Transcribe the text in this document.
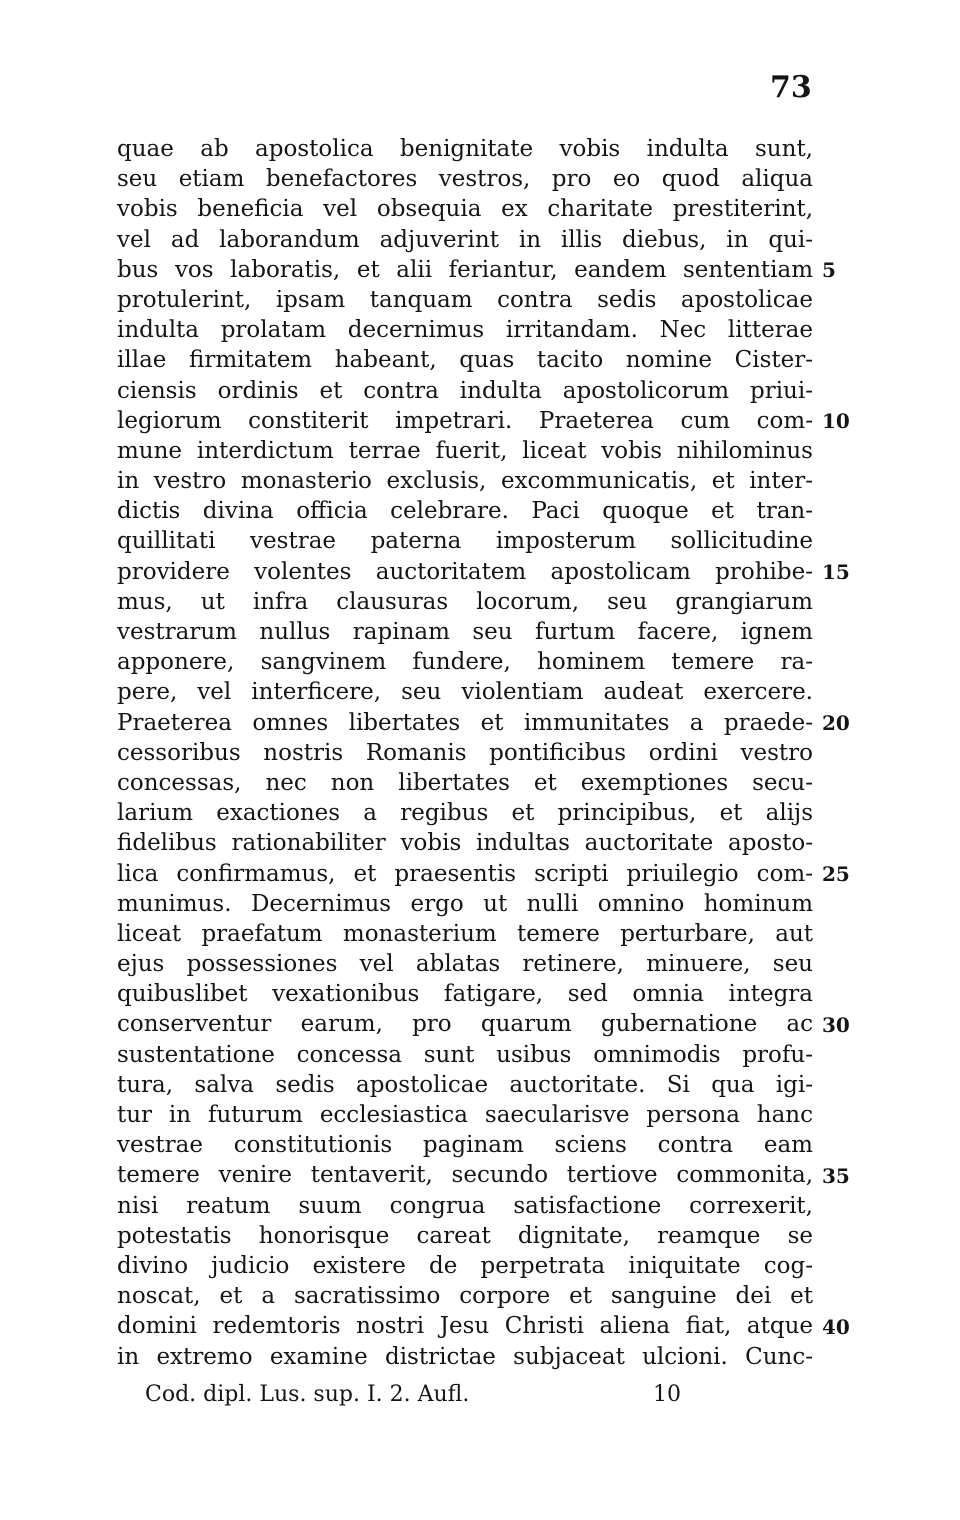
73
quae ab apostolica benignitate vobis indulta sunt,
seu etiam benefactores vestros, pro eo quod aliqua
vobis beneficia vel obsequia ex charitate prestiterint,
vel ad laborandum adjuverint in illis diebus, in qui-
bus vos laboratis, et alii feriantur, eandem sententiam
protulerint, ipsam tanquam contra sedis apostolicae
indulta prolatam decernimus irritandam. Nec litterae
illae firmitatem habeant, quas tacito nomine Cister-
ciensis ordinis et contra indulta apostolicorum priui-
legiorum constiterit impetrari. Praeterea cum com-
mune interdictum terrae fuerit, liceat vobis nihilominus
in vestro monasterio exclusis, excommunicatis, et inter-
dictis divina officia celebrare. Paci quoque et tran-
quillitati vestrae paterna imposterum sollicitudine
providere volentes auctoritatem apostolicam prohibe-
mus, ut infra clausuras locorum, seu grangiarum
vestrarum nullus rapinam seu furtum facere, ignem
apponere, sangvinem fundere, hominem temere ra-
pere, vel interficere, seu violentiam audeat exercere.
Praeterea omnes libertates et immunitates a praede-
cessoribus nostris Romanis pontificibus ordini vestro
concessas, nec non libertates et exemptiones secu-
larium exactiones a regibus et principibus, et alijs
fidelibus rationabiliter vobis indultas auctoritate aposto-
lica confirmamus, et praesentis scripti priuilegio com-
munimus. Decernimus ergo ut nulli omnino hominum
liceat praefatum monasterium temere perturbare, aut
ejus possessiones vel ablatas retinere, minuere, seu
quibuslibet vexationibus fatigare, sed omnia integra
conserventur earum, pro quarum gubernatione ac
sustentatione concessa sunt usibus omnimodis profu-
tura, salva sedis apostolicae auctoritate. Si qua igi-
tur in futurum ecclesiastica saecularisve persona hanc
vestrae constitutionis paginam sciens contra eam
temere venire tentaverit, secundo tertiove commonita,
nisi reatum suum congrua satisfactione correxerit,
potestatis honorisque careat dignitate, reamque se
divino judicio existere de perpetrata iniquitate cog-
noscat, et a sacratissimo corpore et sanguine dei et
domini redemtoris nostri Jesu Christi aliena fiat, atque
in extremo examine districtae subjaceat ulcioni. Cunc-
5
10
15
20
25
30
35
40
Cod. dipl. Lus. sup. I. 2. Aufl.	10
